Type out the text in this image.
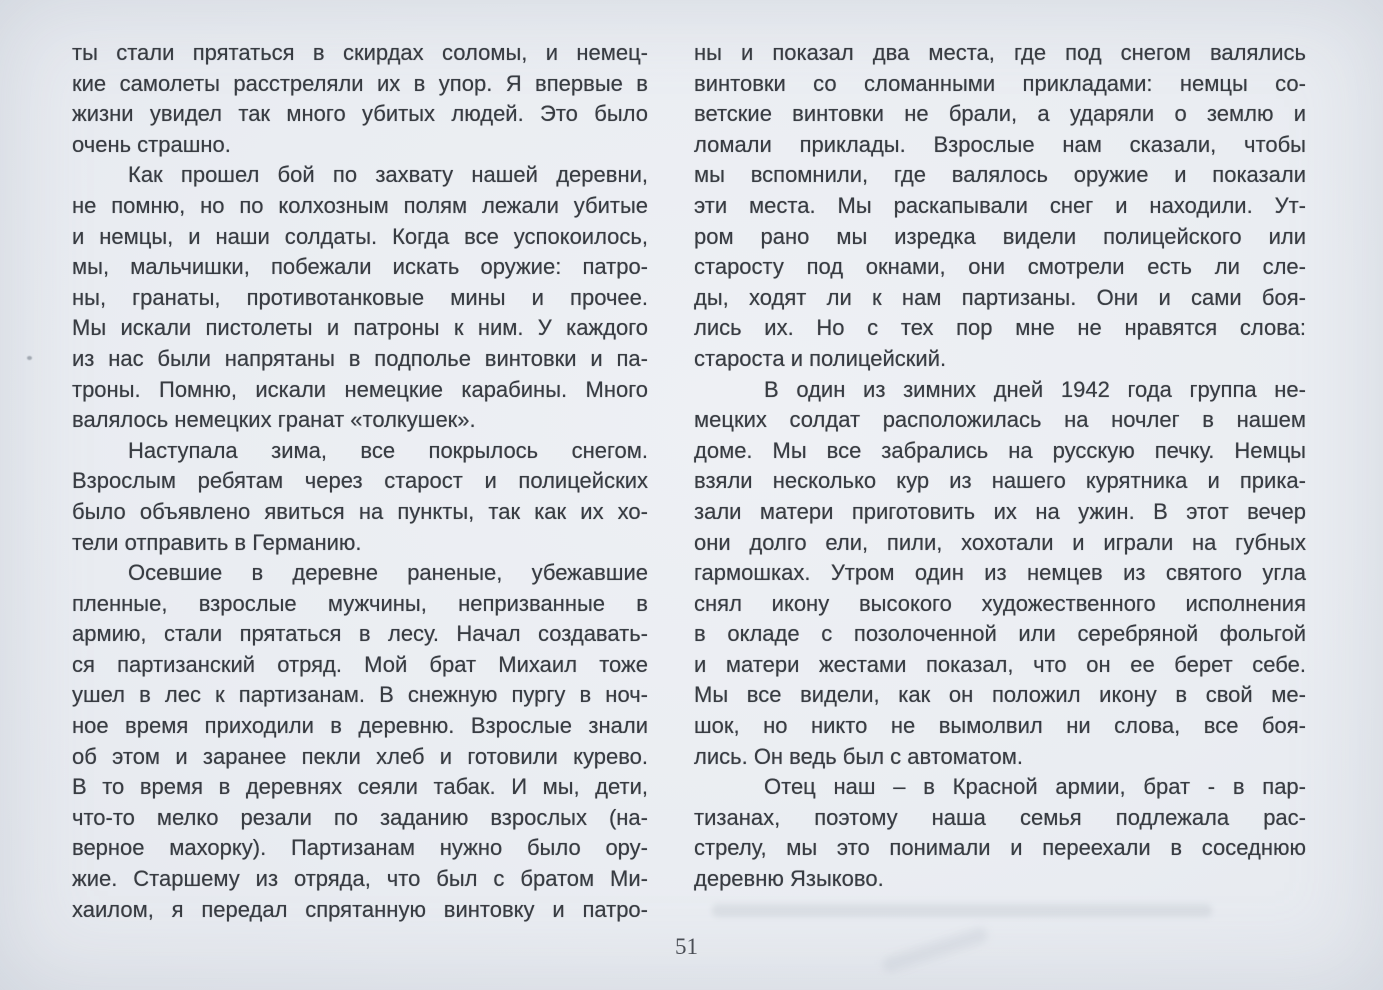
ты стали прятаться в скирдах соломы, и немец-
кие самолеты расстреляли их в упор. Я впервые в
жизни увидел так много убитых людей. Это было
очень страшно.
Как прошел бой по захвату нашей деревни,
не помню, но по колхозным полям лежали убитые
и немцы, и наши солдаты. Когда все успокоилось,
мы, мальчишки, побежали искать оружие: патро-
ны, гранаты, противотанковые мины и прочее.
Мы искали пистолеты и патроны к ним. У каждого
из нас были напрятаны в подполье винтовки и па-
троны. Помню, искали немецкие карабины. Много
валялось немецких гранат «толкушек».
Наступала зима, все покрылось снегом.
Взрослым ребятам через старост и полицейских
было объявлено явиться на пункты, так как их хо-
тели отправить в Германию.
Осевшие в деревне раненые, убежавшие
пленные, взрослые мужчины, непризванные в
армию, стали прятаться в лесу. Начал создавать-
ся партизанский отряд. Мой брат Михаил тоже
ушел в лес к партизанам. В снежную пургу в ноч-
ное время приходили в деревню. Взрослые знали
об этом и заранее пекли хлеб и готовили курево.
В то время в деревнях сеяли табак. И мы, дети,
что-то мелко резали по заданию взрослых (на-
верное махорку). Партизанам нужно было ору-
жие. Старшему из отряда, что был с братом Ми-
хаилом, я передал спрятанную винтовку и патро-
ны и показал два места, где под снегом валялись
винтовки со сломанными прикладами: немцы со-
ветские винтовки не брали, а ударяли о землю и
ломали приклады. Взрослые нам сказали, чтобы
мы вспомнили, где валялось оружие и показали
эти места. Мы раскапывали снег и находили. Ут-
ром рано мы изредка видели полицейского или
старосту под окнами, они смотрели есть ли сле-
ды, ходят ли к нам партизаны. Они и сами боя-
лись их. Но с тех пор мне не нравятся слова:
староста и полицейский.
В один из зимних дней 1942 года группа не-
мецких солдат расположилась на ночлег в нашем
доме. Мы все забрались на русскую печку. Немцы
взяли несколько кур из нашего курятника и прика-
зали матери приготовить их на ужин. В этот вечер
они долго ели, пили, хохотали и играли на губных
гармошках. Утром один из немцев из святого угла
снял икону высокого художественного исполнения
в окладе с позолоченной или серебряной фольгой
и матери жестами показал, что он ее берет себе.
Мы все видели, как он положил икону в свой ме-
шок, но никто не вымолвил ни слова, все боя-
лись. Он ведь был с автоматом.
Отец наш – в Красной армии, брат - в пар-
тизанах, поэтому наша семья подлежала рас-
стрелу, мы это понимали и переехали в соседнюю
деревню Языково.
51
